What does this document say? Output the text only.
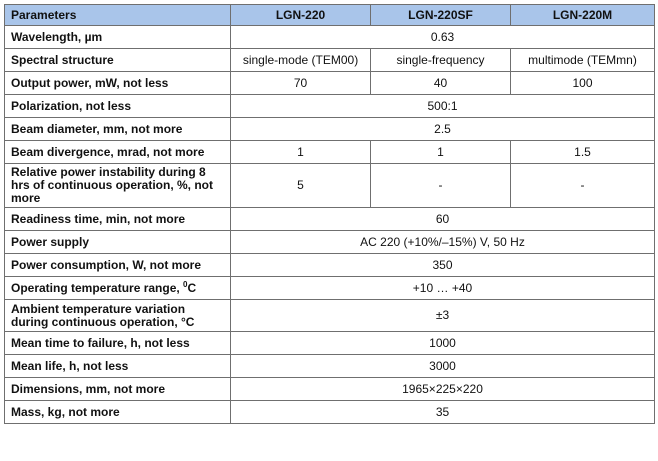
Parameters	LGN-220	LGN-220SF	LGN-220M
Wavelength, µm	0.63		
Spectral structure	single-mode (TEM00)	single-frequency	multimode (TEMmn)
Output power, mW, not less	70	40	100
Polarization, not less	500:1		
Beam diameter, mm, not more	2.5		
Beam divergence, mrad, not more	1	1	1.5
Relative power instability during 8 hrs of continuous operation, %, not more	5	-	-
Readiness time, min, not more	60		
Power supply	AC 220 (+10%/–15%) V, 50 Hz		
Power consumption, W, not more	350		
Operating temperature range, $^0$C	+10 … +40		
Ambient temperature variation during continuous operation, °C	±3		
Mean time to failure, h, not less	1000		
Mean life, h, not less	3000		
Dimensions, mm, not more	1965×225×220		
Mass, kg, not more	35		
